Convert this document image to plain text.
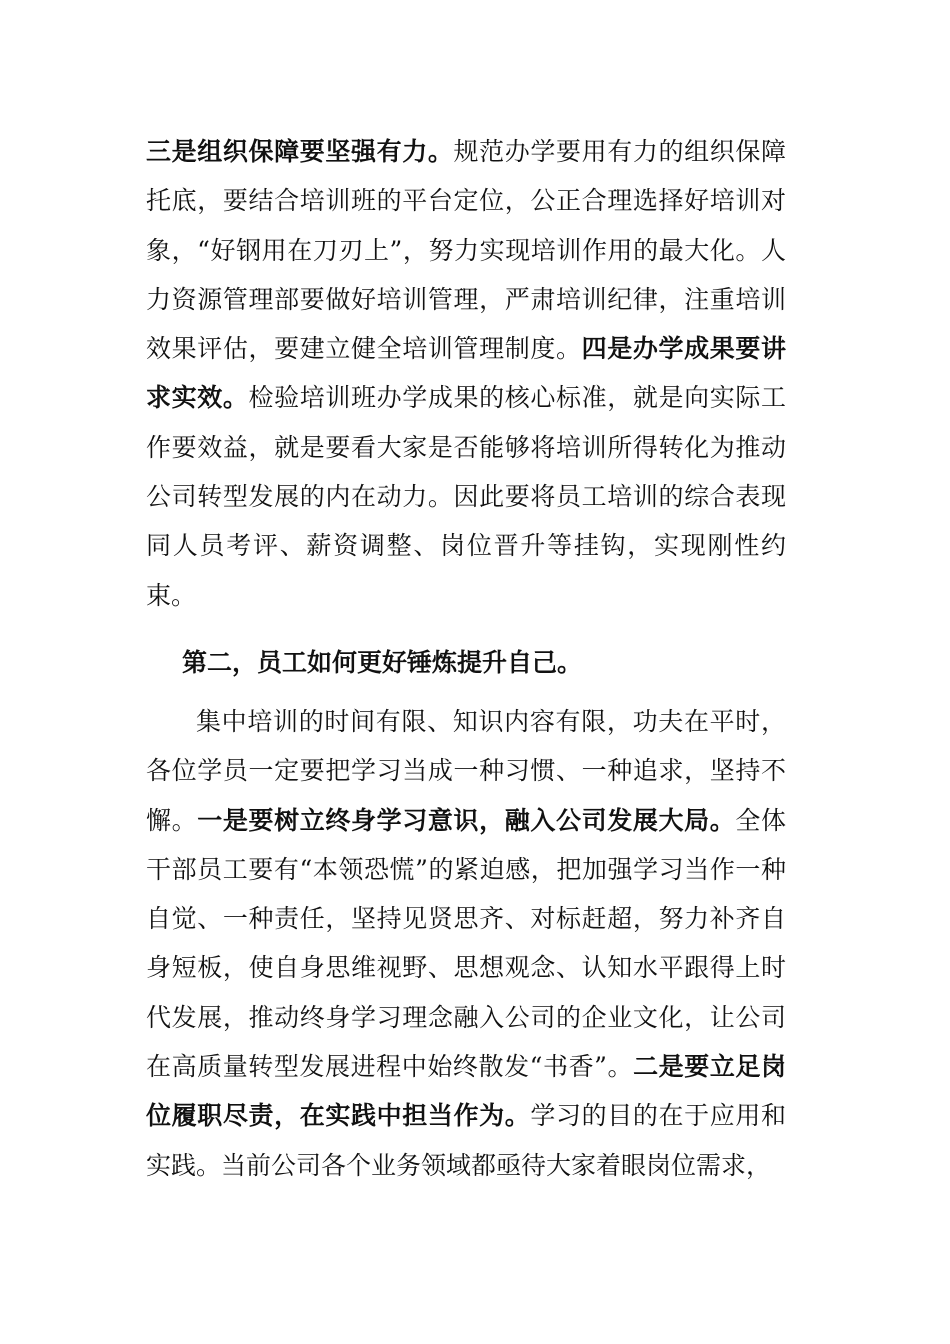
三是组织保障要坚强有力。规范办学要用有力的组织保障托底，要结合培训班的平台定位，公正合理选择好培训对象，“好钢用在刀刃上”，努力实现培训作用的最大化。人力资源管理部要做好培训管理，严肃培训纪律，注重培训效果评估，要建立健全培训管理制度。四是办学成果要讲求实效。检验培训班办学成果的核心标准，就是向实际工作要效益，就是要看大家是否能够将培训所得转化为推动公司转型发展的内在动力。因此要将员工培训的综合表现同人员考评、薪资调整、岗位晋升等挂钩，实现刚性约束。

第二，员工如何更好锤炼提升自己。

集中培训的时间有限、知识内容有限，功夫在平时，各位学员一定要把学习当成一种习惯、一种追求，坚持不懈。一是要树立终身学习意识，融入公司发展大局。全体干部员工要有“本领恐慌”的紧迫感，把加强学习当作一种自觉、一种责任，坚持见贤思齐、对标赶超，努力补齐自身短板，使自身思维视野、思想观念、认知水平跟得上时代发展，推动终身学习理念融入公司的企业文化，让公司在高质量转型发展进程中始终散发“书香”。二是要立足岗位履职尽责，在实践中担当作为。学习的目的在于应用和实践。当前公司各个业务领域都亟待大家着眼岗位需求，
